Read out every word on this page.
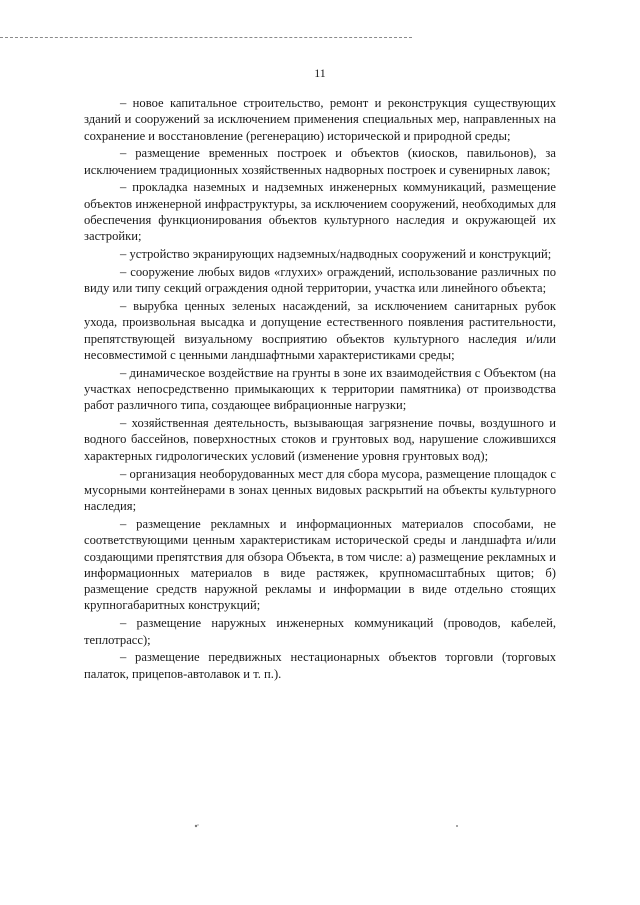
11

– новое капитальное строительство, ремонт и реконструкция существующих зданий и сооружений за исключением применения специальных мер, направленных на сохранение и восстановление (регенерацию) исторической и природной среды;

– размещение временных построек и объектов (киосков, павильонов), за исключением традиционных хозяйственных надворных построек и сувенирных лавок;

– прокладка наземных и надземных инженерных коммуникаций, размещение объектов инженерной инфраструктуры, за исключением сооружений, необходимых для обеспечения функционирования объектов культурного наследия и окружающей их застройки;

– устройство экранирующих надземных/надводных сооружений и конструкций;

– сооружение любых видов «глухих» ограждений, использование различных по виду или типу секций ограждения одной территории, участка или линейного объекта;

– вырубка ценных зеленых насаждений, за исключением санитарных рубок ухода, произвольная высадка и допущение естественного появления растительности, препятствующей визуальному восприятию объектов культурного наследия и/или несовместимой с ценными ландшафтными характеристиками среды;

– динамическое воздействие на грунты в зоне их взаимодействия с Объектом (на участках непосредственно примыкающих к территории памятника) от производства работ различного типа, создающее вибрационные нагрузки;

– хозяйственная деятельность, вызывающая загрязнение почвы, воздушного и водного бассейнов, поверхностных стоков и грунтовых вод, нарушение сложившихся характерных гидрологических условий (изменение уровня грунтовых вод);

– организация необорудованных мест для сбора мусора, размещение площадок с мусорными контейнерами в зонах ценных видовых раскрытий на объекты культурного наследия;

– размещение рекламных и информационных материалов способами, не соответствующими ценным характеристикам исторической среды и ландшафта и/или создающими препятствия для обзора Объекта, в том числе: а) размещение рекламных и информационных материалов в виде растяжек, крупномасштабных щитов; б) размещение средств наружной рекламы и информации в виде отдельно стоящих крупногабаритных конструкций;

– размещение наружных инженерных коммуникаций (проводов, кабелей, теплотрасс);

– размещение передвижных нестационарных объектов торговли (торговых палаток, прицепов-автолавок и т. п.).
